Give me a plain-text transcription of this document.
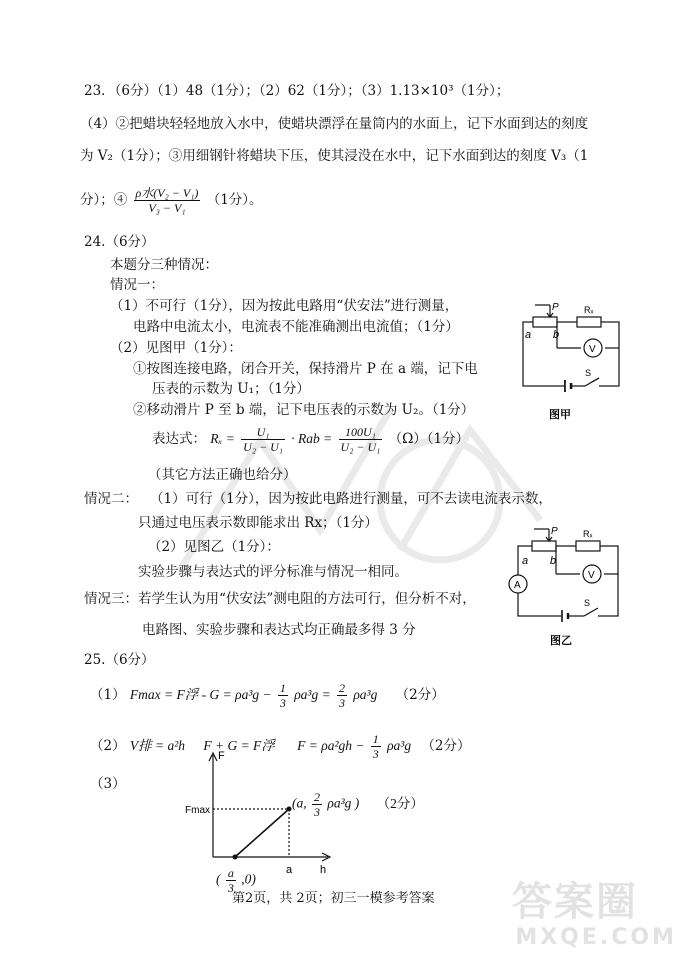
23．（6分）（1）48（1分）；（2）62（1分）；（3）1.13×10³（1分）；
（4）②把蜡块轻轻地放入水中，使蜡块漂浮在量筒内的水面上，记下水面到达的刻度
为 V₂（1分）；③用细钢针将蜡块下压，使其浸没在水中，记下水面到达的刻度 V₃（1
分）；④ $\frac{\text{ρ水(V₂ − V₁)}}{\text{V₃ − V₁}} (1$分）。
24.（6分）
本题分三种情况：
情况一：
（1）不可行（1分），因为按此电路用“伏安法”进行测量，
电路中电流太小，电流表不能准确测出电流值；（1分）
（2）见图甲（1分）：
①按图连接电路，闭合开关，保持滑片 P 在 a 端，记下电
压表的示数为 U₁；（1分）
②移动滑片 P 至 b 端，记下电压表的示数为 U₂。（1分）
表达式： $R_x = \frac{\text{U₁}}{\text{U₂ − U₁}}$ · Rab = $\frac{\text{100U₁}}{\text{U₂ − U₁}} (\Omega)(1$分）
（其它方法正确也给分）
情况二： （1）可行（1分），因为按此电路进行测量，可不去读电流表示数，
只通过电压表示数即能求出 Rx；（1分）
（2）见图乙（1分）：
实验步骤与表达式的评分标准与情况一相同。
情况三： 若学生认为用“伏安法”测电阻的方法可行，但分析不对，
电路图、实验步骤和表达式均正确最多得 3 分
P
a b
Rₓ
V
S
图甲
P
a b
Rₓ
V
A
S
图乙
25.（6分）
（1） Fmax = F浮 - $G = \rho a^3g - \frac{1}{3} \rho a^3g = \frac{2}{3} \rho a^3g$ （2分）
（2） V排 = a²h F + G = F浮 $F = \rho a^2gh - \frac{1}{3} \rho a^3g$ （2分）
（3）
F
h
Fmax
a
(a, $\frac{2}{3} \rho a^3g$ ) （2分）
( $\frac{a}{3} ,0$)
第2页，共 2页；初三一模参考答案 答案圈
MXQE.COM
